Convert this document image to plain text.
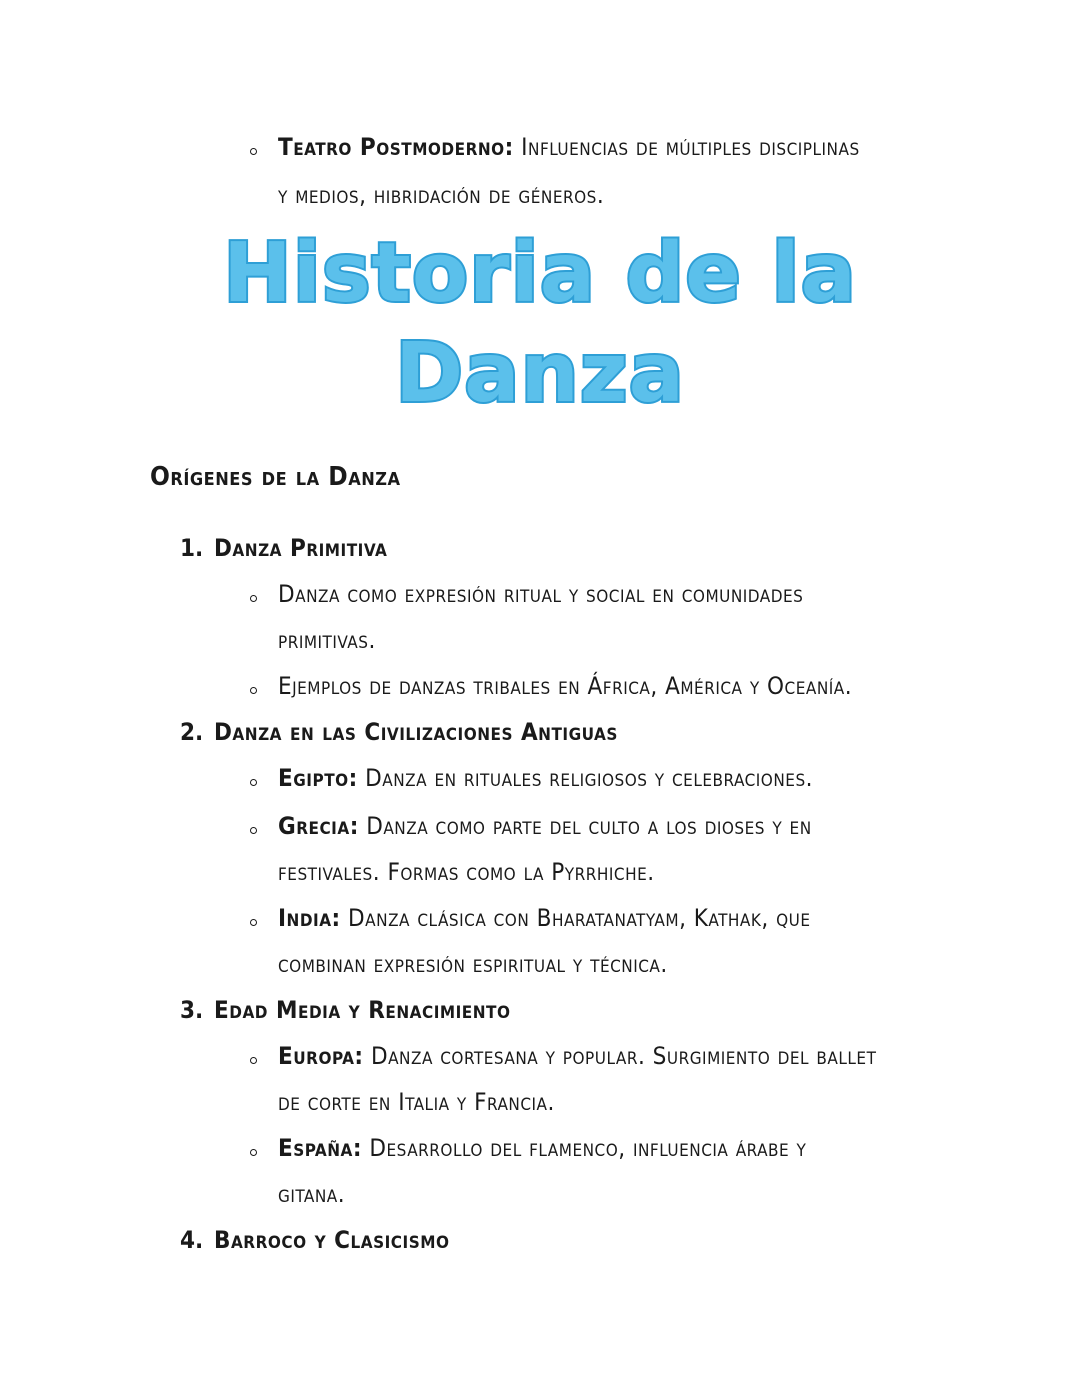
Teatro Postmoderno: Influencias de múltiples disciplinas
y medios, hibridación de géneros.
Historia de la
Danza
Orígenes de la Danza
1. Danza Primitiva
Danza como expresión ritual y social en comunidades
primitivas.
Ejemplos de danzas tribales en África, América y Oceanía.
2. Danza en las Civilizaciones Antiguas
Egipto: Danza en rituales religiosos y celebraciones.
Grecia: Danza como parte del culto a los dioses y en
festivales. Formas como la Pyrrhiche.
India: Danza clásica con Bharatanatyam, Kathak, que
combinan expresión espiritual y técnica.
3. Edad Media y Renacimiento
Europa: Danza cortesana y popular. Surgimiento del ballet
de corte en Italia y Francia.
España: Desarrollo del flamenco, influencia árabe y
gitana.
4. Barroco y Clasicismo
